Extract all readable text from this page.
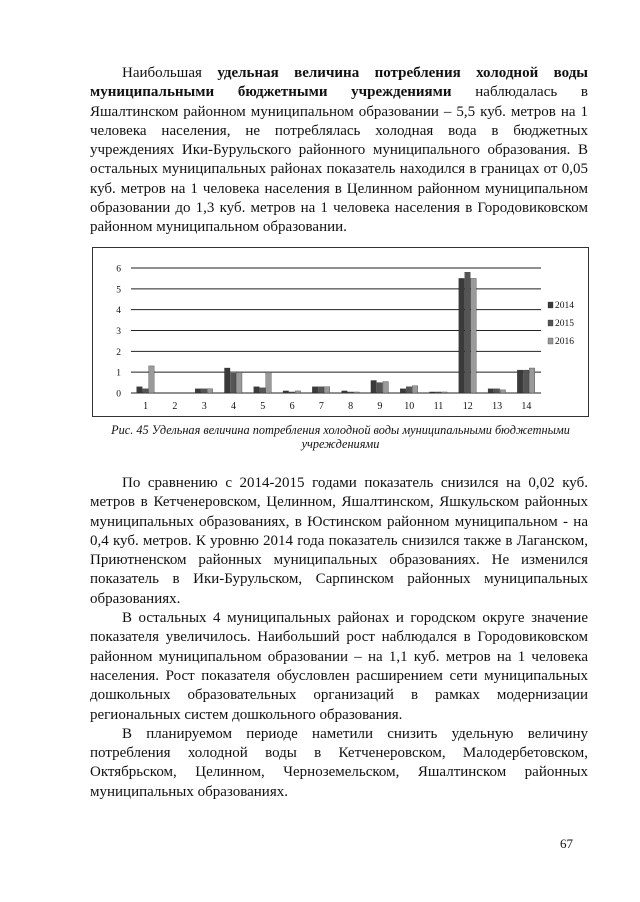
Наибольшая удельная величина потребления холодной воды муниципальными бюджетными учреждениями наблюдалась в Яшалтинском районном муниципальном образовании – 5,5 куб. метров на 1 человека населения, не потреблялась холодная вода в бюджетных учреждениях Ики-Бурульского районного муниципального образования. В остальных муниципальных районах показатель находился в границах от 0,05 куб. метров на 1 человека населения в Целинном районном муниципальном образовании до 1,3 куб. метров на 1 человека населения в Городовиковском районном муниципальном образовании.

0
1
2
3
4
5
6
1 2 3 4 5 6 7 8 9 10 11 12 13 14
2014
2015
2016
Рис. 45 Удельная величина потребления холодной воды муниципальными бюджетными учреждениями

По сравнению с 2014-2015 годами показатель снизился на 0,02 куб. метров в Кетченеровском, Целинном, Яшалтинском, Яшкульском районных муниципальных образованиях, в Юстинском районном муниципальном - на 0,4 куб. метров. К уровню 2014 года показатель снизился также в Лаганском, Приютненском районных муниципальных образованиях. Не изменился показатель в Ики-Бурульском, Сарпинском районных муниципальных образованиях.

В остальных 4 муниципальных районах и городском округе значение показателя увеличилось. Наибольший рост наблюдался в Городовиковском районном муниципальном образовании – на 1,1 куб. метров на 1 человека населения. Рост показателя обусловлен расширением сети муниципальных дошкольных образовательных организаций в рамках модернизации региональных систем дошкольного образования.

В планируемом периоде наметили снизить удельную величину потребления холодной воды в Кетченеровском, Малодербетовском, Октябрьском, Целинном, Черноземельском, Яшалтинском районных муниципальных образованиях.

67
